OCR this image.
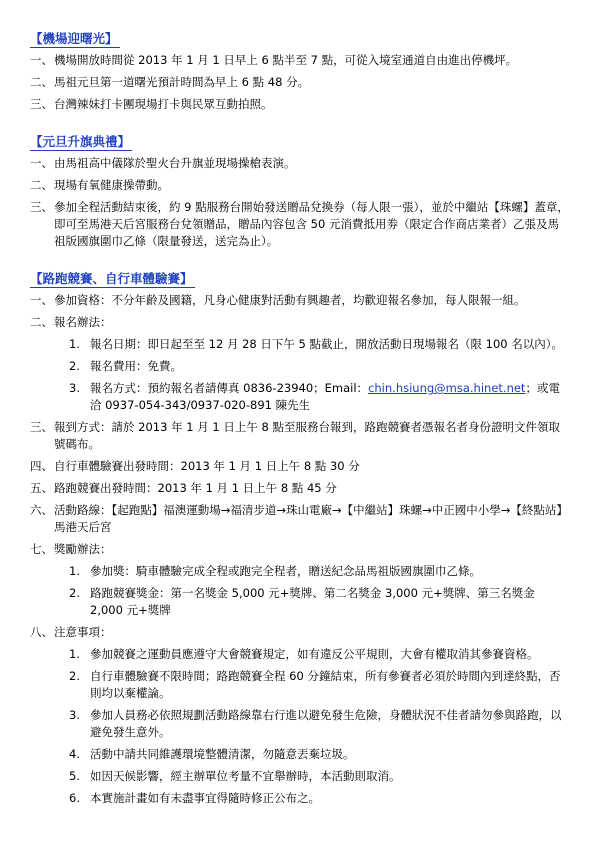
【機場迎曙光】
一、 機場開放時間從 2013 年 1 月 1 日早上 6 點半至 7 點，可從入境室通道自由進出停機坪。
二、 馬祖元旦第一道曙光預計時間為早上 6 點 48 分。
三、 台灣辣妹打卡團現場打卡與民眾互動拍照。
【元旦升旗典禮】
一、 由馬祖高中儀隊於聖火台升旗並現場操槍表演。
二、 現場有氧健康操帶動。
三、 參加全程活動結束後，約 9 點服務台開始發送贈品兌換券（每人限一張），並於中繼站【珠螺】蓋章，即可至馬港天后宮服務台兌領贈品，贈品內容包含 50 元消費抵用劵（限定合作商店業者）乙張及馬祖版國旗圍巾乙條（限量發送，送完為止）。
【路跑競賽、自行車體驗賽】
一、 參加資格：不分年齡及國籍，凡身心健康對活動有興趣者，均歡迎報名參加，每人限報一組。
二、 報名辦法：
1. 報名日期：即日起至至 12 月 28 日下午 5 點截止，開放活動日現場報名（限 100 名以內）。
2. 報名費用：免費。
3. 報名方式：預約報名者請傳真 0836-23940；Email：chin.hsiung@msa.hinet.net；或電洽 0937-054-343/0937-020-891 陳先生
三、 報到方式：請於 2013 年 1 月 1 日上午 8 點至服務台報到，路跑競賽者憑報名者身份證明文件領取號碼布。
四、 自行車體驗賽出發時間：2013 年 1 月 1 日上午 8 點 30 分
五、 路跑競賽出發時間：2013 年 1 月 1 日上午 8 點 45 分
六、 活動路線：【起跑點】福澳運動場→福清步道→珠山電廠→【中繼站】珠螺→中正國中小學→【終點站】馬港天后宮
七、 獎勵辦法：
1. 參加獎：騎車體驗完成全程或跑完全程者，贈送紀念品馬祖版國旗圍巾乙條。
2. 路跑競賽獎金：第一名獎金 5,000 元+獎牌、第二名獎金 3,000 元+獎牌、第三名獎金 2,000 元+獎牌
八、 注意事項：
1. 參加競賽之運動員應遵守大會競賽規定，如有違反公平規則，大會有權取消其參賽資格。
2. 自行車體驗賽不限時間；路跑競賽全程 60 分鐘結束，所有參賽者必須於時間內到達終點，否則均以棄權論。
3. 參加人員務必依照規劃活動路線靠右行進以避免發生危險，身體狀況不佳者請勿參與路跑，以避免發生意外。
4. 活動中請共同維護環境整體清潔，勿隨意丟棄垃圾。
5. 如因天候影響，經主辦單位考量不宜舉辦時，本活動則取消。
6. 本實施計畫如有未盡事宜得隨時修正公布之。
